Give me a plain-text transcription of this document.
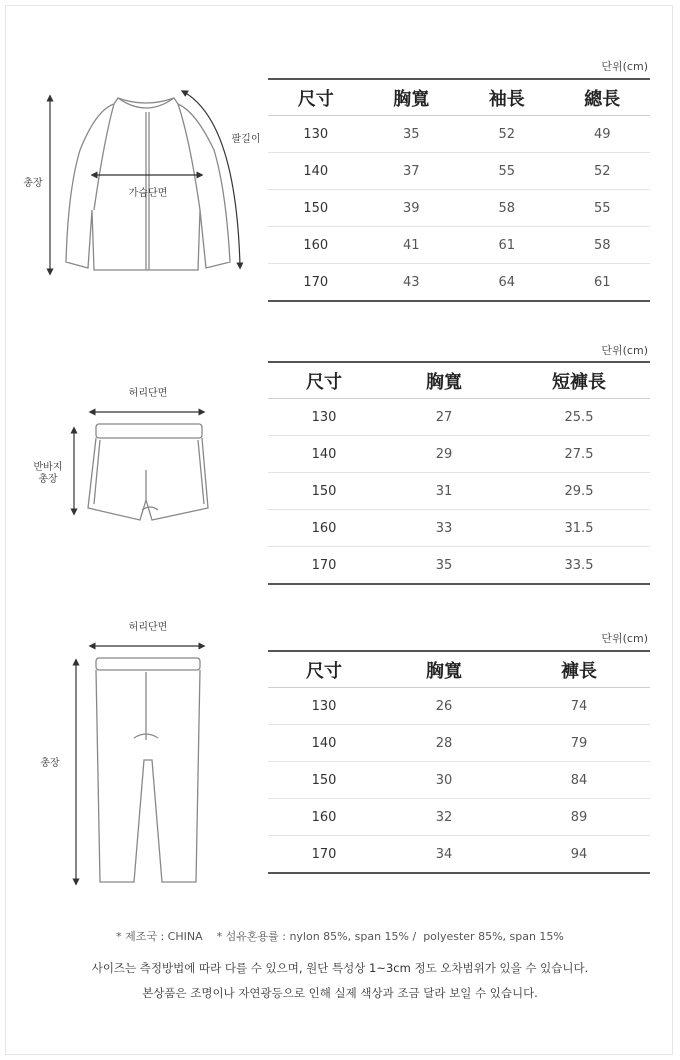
총장
가슴단면
팔길이
단위(cm)
尺寸	胸寬	袖長	總長
130	35	52	49
140	37	55	52
150	39	58	55
160	41	61	58
170	43	64	61
허리단면
반바지
총장
단위(cm)
尺寸	胸寬	短褲長
130	27	25.5
140	29	27.5
150	31	29.5
160	33	31.5
170	35	33.5
허리단면
총장
단위(cm)
尺寸	胸寬	褲長
130	26	74
140	28	79
150	30	84
160	32	89
170	34	94
* 제조국 : CHINA    * 섬유혼용률 : nylon 85%, span 15% /  polyester 85%, span 15%
사이즈는 측정방법에 따라 다를 수 있으며, 원단 특성상 1~3cm 정도 오차범위가 있을 수 있습니다.
본상품은 조명이나 자연광등으로 인해 실제 색상과 조금 달라 보일 수 있습니다.
